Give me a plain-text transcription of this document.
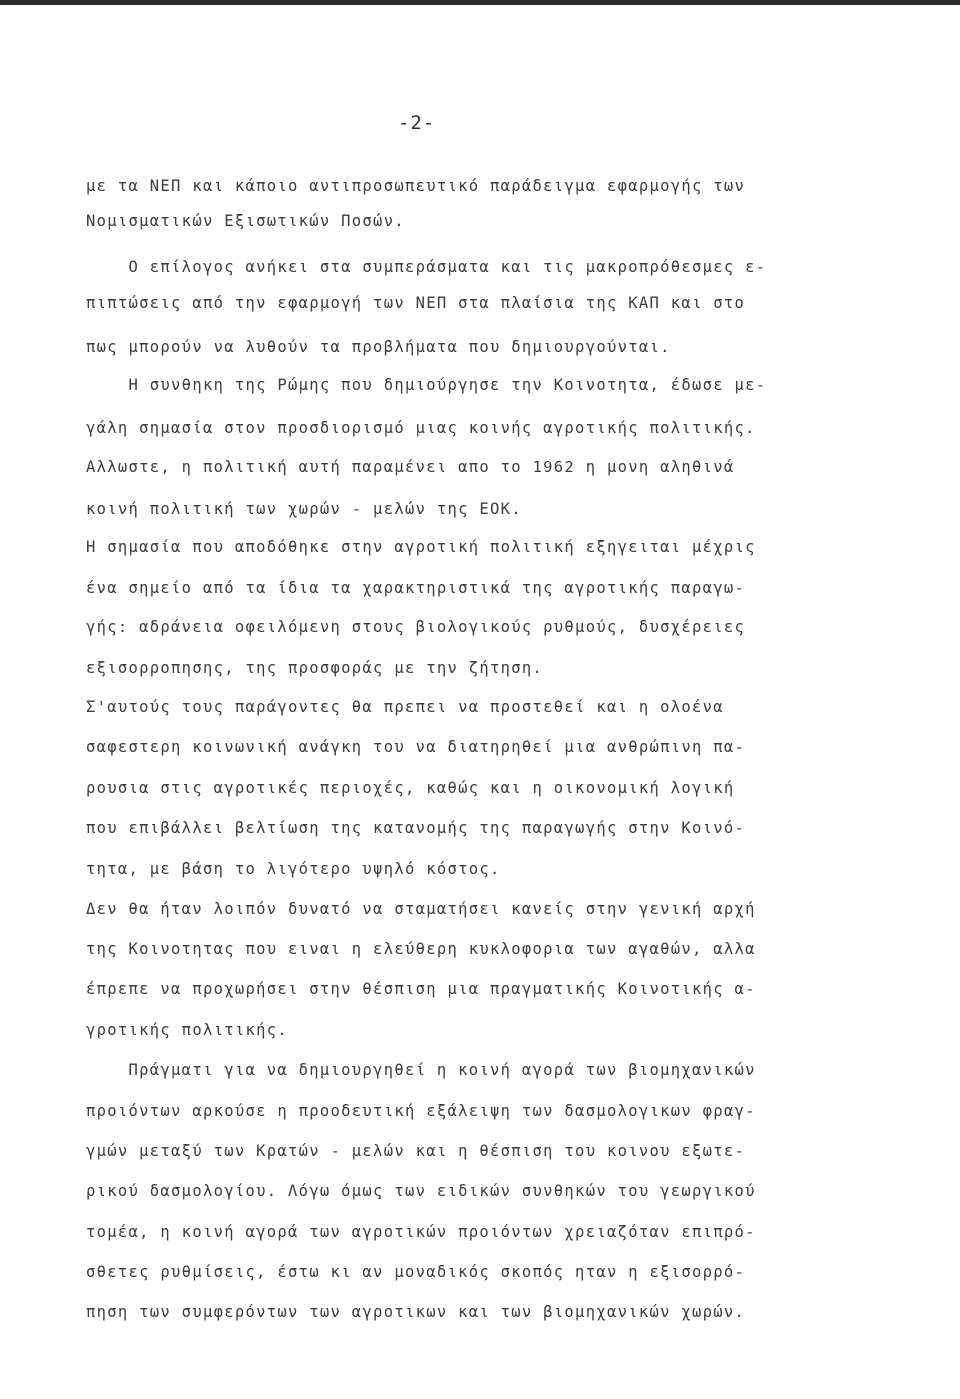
-2-
με τα ΝΕΠ και κάποιο αντιπροσωπευτικό παράδειγμα εφαρμογής των
Νομισματικών Εξισωτικών Ποσών.
Ο επίλογος ανήκει στα συμπεράσματα και τις μακροπρόθεσμες ε-
πιπτώσεις από την εφαρμογή των ΝΕΠ στα πλαίσια της ΚΑΠ και στο
πως μπορούν να λυθούν τα προβλήματα που δημιουργούνται.
Η συνθηκη της Ρώμης που δημιούργησε την Κοινοτητα, έδωσε με-
γάλη σημασία στον προσδιορισμό μιας κοινής αγροτικής πολιτικής.
Αλλωστε, η πολιτική αυτή παραμένει απο το 1962 η μονη αληθινά
κοινή πολιτική των χωρών - μελών της ΕΟΚ.
Η σημασία που αποδόθηκε στην αγροτική πολιτική εξηγειται μέχρις
ένα σημείο από τα ίδια τα χαρακτηριστικά της αγροτικής παραγω-
γής: αδράνεια οφειλόμενη στους βιολογικούς ρυθμούς, δυσχέρειες
εξισορροπησης, της προσφοράς με την ζήτηση.
Σ'αυτούς τους παράγοντες θα πρεπει να προστεθεί και η ολοένα
σαφεστερη κοινωνική ανάγκη του να διατηρηθεί μια ανθρώπινη πα-
ρουσια στις αγροτικές περιοχές, καθώς και η οικονομική λογική
που επιβάλλει βελτίωση της κατανομής της παραγωγής στην Κοινό-
τητα, με βάση το λιγότερο υψηλό κόστος.
Δεν θα ήταν λοιπόν δυνατό να σταματήσει κανείς στην γενική αρχή
της Κοινοτητας που ειναι η ελεύθερη κυκλοφορια των αγαθών, αλλα
έπρεπε να προχωρήσει στην θέσπιση μια πραγματικής Κοινοτικής α-
γροτικής πολιτικής.
Πράγματι για να δημιουργηθεί η κοινή αγορά των βιομηχανικών
προιόντων αρκούσε η προοδευτική εξάλειψη των δασμολογικων φραγ-
γμών μεταξύ των Κρατών - μελών και η θέσπιση του κοινου εξωτε-
ρικού δασμολογίου. Λόγω όμως των ειδικών συνθηκών του γεωργικού
τομέα, η κοινή αγορά των αγροτικών προιόντων χρειαζόταν επιπρό-
σθετες ρυθμίσεις, έστω κι αν μοναδικός σκοπός ηταν η εξισορρό-
πηση των συμφερόντων των αγροτικων και των βιομηχανικών χωρών.
